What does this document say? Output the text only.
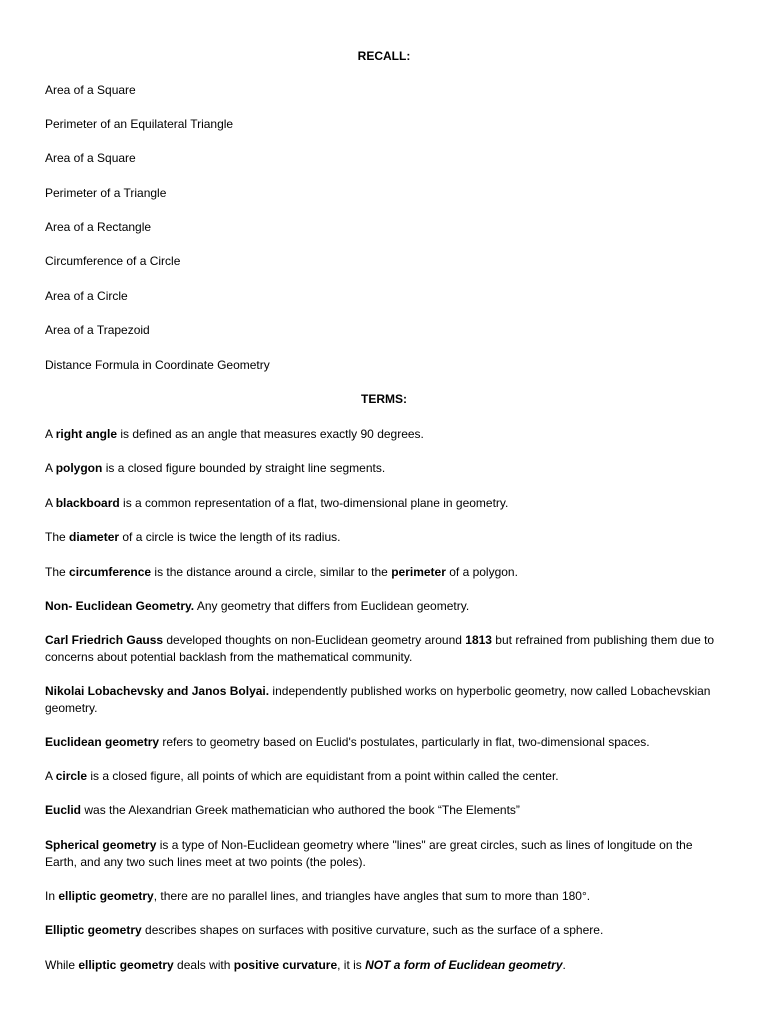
RECALL:
Area of a Square
Perimeter of an Equilateral Triangle
Area of a Square
Perimeter of a Triangle
Area of a Rectangle
Circumference of a Circle
Area of a Circle
Area of a Trapezoid
Distance Formula in Coordinate Geometry
TERMS:
A right angle is defined as an angle that measures exactly 90 degrees.
A polygon is a closed figure bounded by straight line segments.
A blackboard is a common representation of a flat, two-dimensional plane in geometry.
The diameter of a circle is twice the length of its radius.
The circumference is the distance around a circle, similar to the perimeter of a polygon.
Non- Euclidean Geometry. Any geometry that differs from Euclidean geometry.
Carl Friedrich Gauss developed thoughts on non-Euclidean geometry around 1813 but refrained from publishing them due to concerns about potential backlash from the mathematical community.
Nikolai Lobachevsky and Janos Bolyai. independently published works on hyperbolic geometry, now called Lobachevskian geometry.
Euclidean geometry refers to geometry based on Euclid's postulates, particularly in flat, two-dimensional spaces.
A circle is a closed figure, all points of which are equidistant from a point within called the center.
Euclid was the Alexandrian Greek mathematician who authored the book “The Elements”
Spherical geometry is a type of Non-Euclidean geometry where "lines" are great circles, such as lines of longitude on the Earth, and any two such lines meet at two points (the poles).
In elliptic geometry, there are no parallel lines, and triangles have angles that sum to more than 180°.
Elliptic geometry describes shapes on surfaces with positive curvature, such as the surface of a sphere.
While elliptic geometry deals with positive curvature, it is NOT a form of Euclidean geometry.
